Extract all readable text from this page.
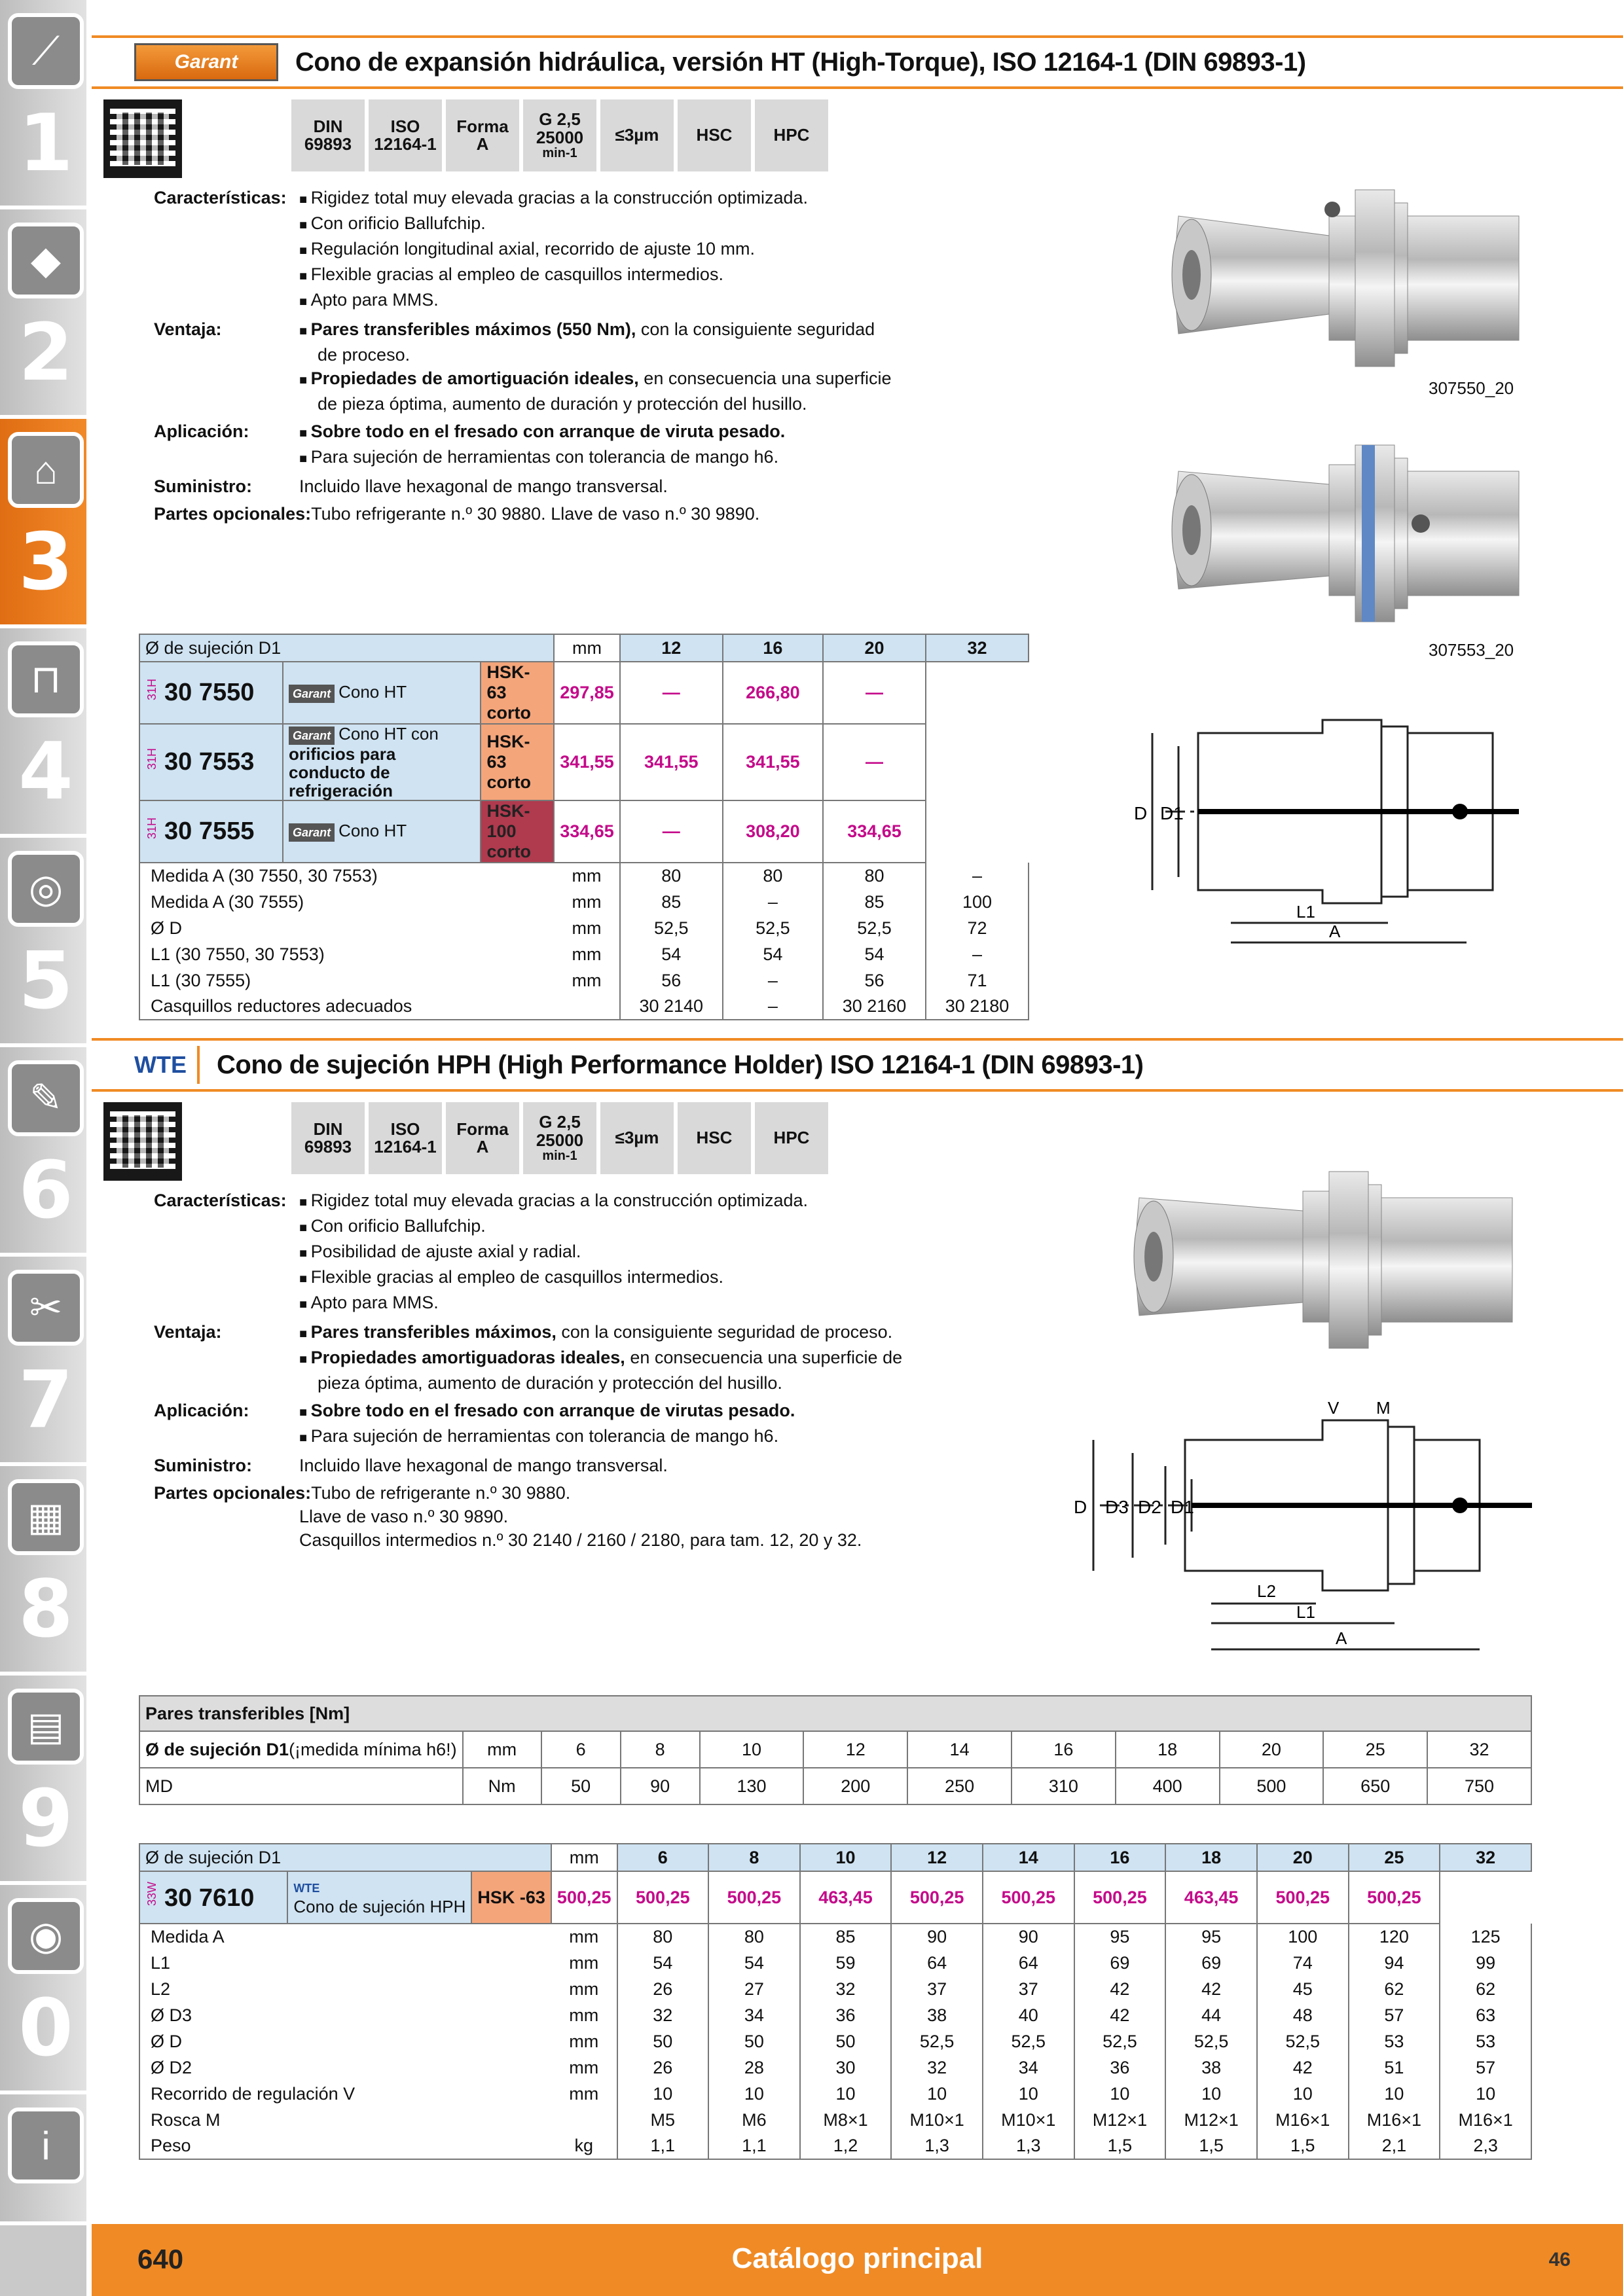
⟋
1
◆
2
⌂
3
⊓
4
◎
5
✎
6
✂
7
▦
8
▤
9
◉
0
i
Garant Cono de expansión hidráulica, versión HT (High-Torque), ISO 12164-1 (DIN 69893-1)
DIN
69893
ISO
12164-1
Forma
A
G 2,5
25000
min-1
≤3µm HSC HPC
Características:	■ Rigidez total muy elevada gracias a la construcción optimizada.
■ Con orificio Ballufchip.
■ Regulación longitudinal axial, recorrido de ajuste 10 mm.
■ Flexible gracias al empleo de casquillos intermedios.
■ Apto para MMS.
Ventaja:	■ Pares transferibles máximos (550 Nm), con la consiguiente seguridad
de proceso.
■ Propiedades de amortiguación ideales, en consecuencia una superficie
de pieza óptima, aumento de duración y protección del husillo.
Aplicación:	■ Sobre todo en el fresado con arranque de viruta pesado.
■ Para sujeción de herramientas con tolerancia de mango h6.
Suministro:	Incluido llave hexagonal de mango transversal.
Partes opcionales: Tubo refrigerante n.º 30 9880. Llave de vaso n.º 30 9890.
307550_20
307553_20
D D1
L1
A
Ø de sujeción D1			mm	12	16	20	32
31H 30 7550	Garant Cono HT	HSK-63 corto	297,85	—	266,80	—	
31H 30 7553	Garant Cono HT con
orificios para conducto de refrigeración	HSK-63 corto	341,55	341,55	341,55	—	
31H 30 7555	Garant Cono HT	HSK-100 corto	334,65	—	308,20	334,65	
Medida A (30 7550, 30 7553)			mm	80	80	80	–
Medida A (30 7555)			mm	85	–	85	100
Ø D			mm	52,5	52,5	52,5	72
L1 (30 7550, 30 7553)			mm	54	54	54	–
L1 (30 7555)			mm	56	–	56	71
Casquillos reductores adecuados				30 2140	–	30 2160	30 2180
WTE Cono de sujeción HPH (High Performance Holder) ISO 12164-1 (DIN 69893-1)
DIN
69893
ISO
12164-1
Forma
A
G 2,5
25000
min-1
≤3µm HSC HPC
Características:	■ Rigidez total muy elevada gracias a la construcción optimizada.
■ Con orificio Ballufchip.
■ Posibilidad de ajuste axial y radial.
■ Flexible gracias al empleo de casquillos intermedios.
■ Apto para MMS.
Ventaja:	■ Pares transferibles máximos, con la consiguiente seguridad de proceso.
■ Propiedades amortiguadoras ideales, en consecuencia una superficie de
pieza óptima, aumento de duración y protección del husillo.
Aplicación:	■ Sobre todo en el fresado con arranque de virutas pesado.
■ Para sujeción de herramientas con tolerancia de mango h6.
Suministro:	Incluido llave hexagonal de mango transversal.
Partes opcionales: Tubo de refrigerante n.º 30 9880.
Llave de vaso n.º 30 9890.
Casquillos intermedios n.º 30 2140 / 2160 / 2180, para tam. 12, 20 y 32.
V M
D D3 D2 D1
L2
L1
A
Pares transferibles [Nm]											
Ø de sujeción D1(¡medida mínima h6!)	mm	6	8	10	12	14	16	18	20	25	32
MD	Nm	50	90	130	200	250	310	400	500	650	750
Ø de sujeción D1			mm	6	8	10	12	14	16	18	20	25	32
33W 30 7610	WTE
Cono de sujeción HPH	HSK -63	500,25	500,25	500,25	463,45	500,25	500,25	500,25	463,45	500,25	500,25	
Medida A			mm	80	80	85	90	90	95	95	100	120	125
L1			mm	54	54	59	64	64	69	69	74	94	99
L2			mm	26	27	32	37	37	42	42	45	62	62
Ø D3			mm	32	34	36	38	40	42	44	48	57	63
Ø D			mm	50	50	50	52,5	52,5	52,5	52,5	52,5	53	53
Ø D2			mm	26	28	30	32	34	36	38	42	51	57
Recorrido de regulación V			mm	10	10	10	10	10	10	10	10	10	10
Rosca M				M5	M6	M8×1	M10×1	M10×1	M12×1	M12×1	M16×1	M16×1	M16×1
Peso			kg	1,1	1,1	1,2	1,3	1,3	1,5	1,5	1,5	2,1	2,3
640	Catálogo principal	46
